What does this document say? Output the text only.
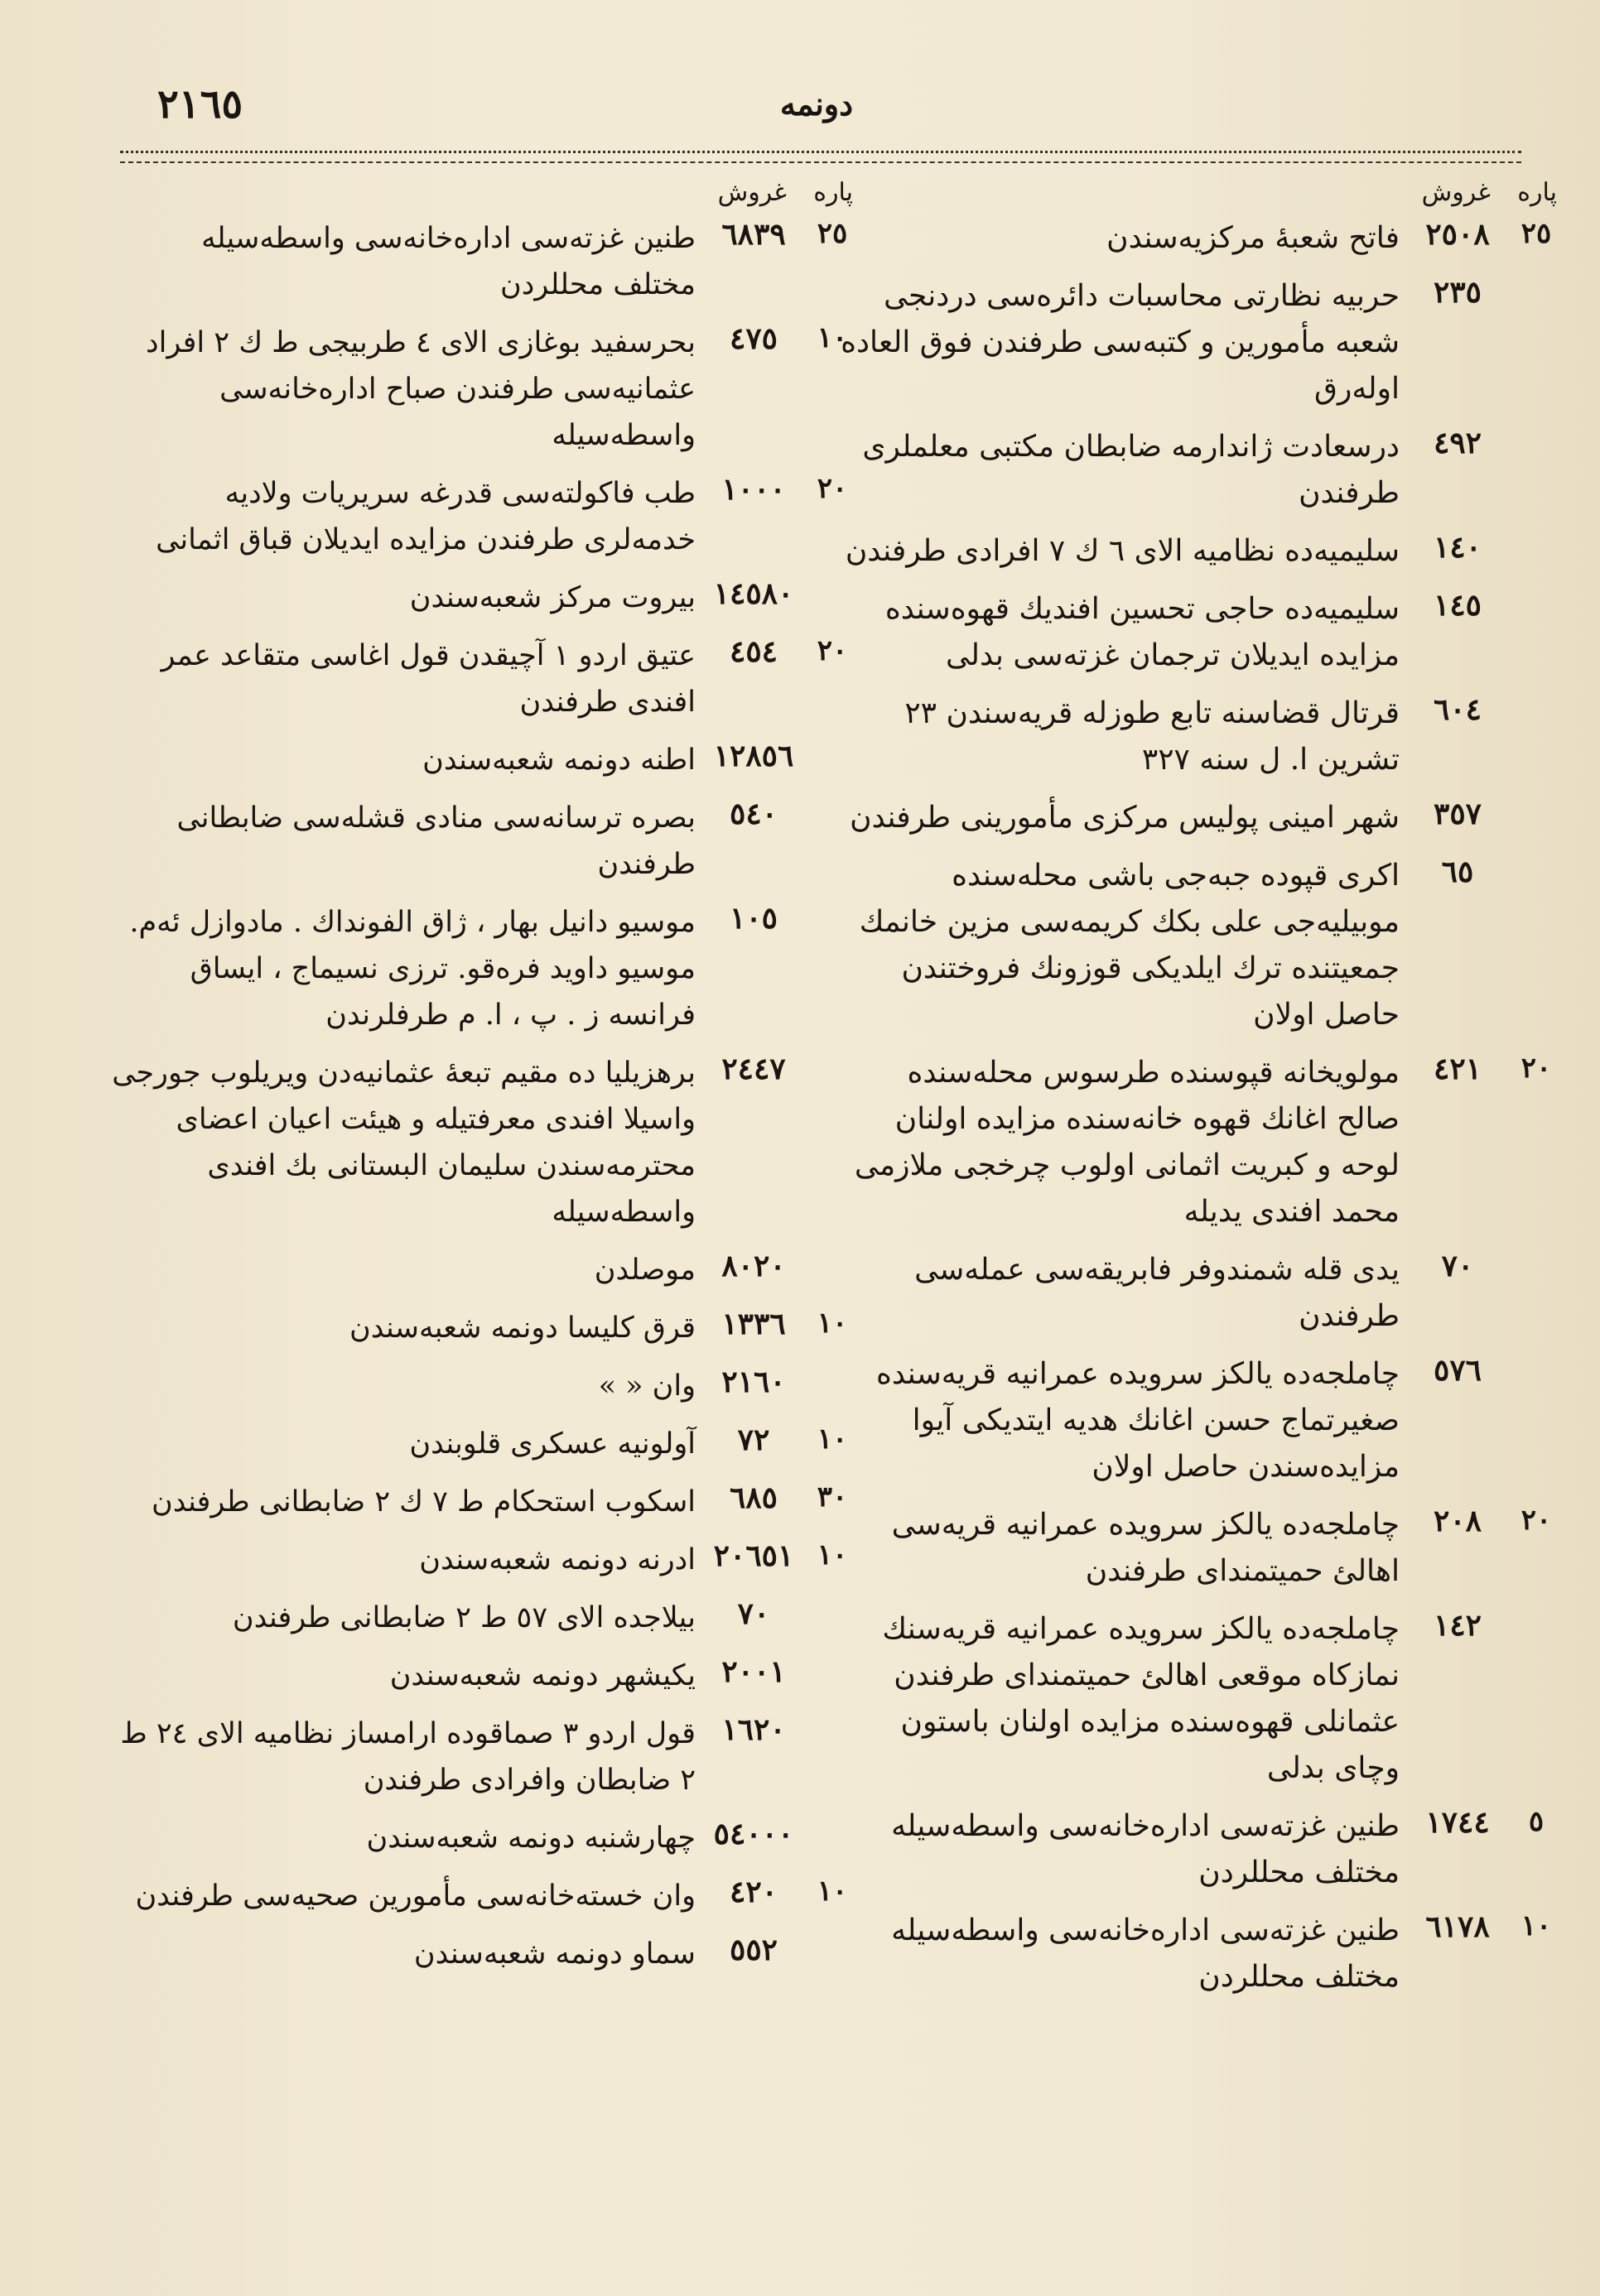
دونمه
٢١٦٥
پاره
غروش
٢٥
٢٥٠٨
فاتح شعبهٔ مركزيه‌سندن
٢٣٥
حربيه نظارتى محاسبات دائره‌سى دردنجى شعبه مأمورين و كتبه‌سى طرفندن فوق العاده اوله‌رق
٤٩٢
درسعادت ژاندارمه ضابطان مكتبى معلملرى طرفندن
١٤٠
سليميه‌ده نظاميه الاى ٦ ك ٧ افرادى طرفندن
١٤٥
سليميه‌ده حاجى تحسين افنديك قهوه‌سنده مزايده ايديلان ترجمان غزته‌سى بدلى
٦٠٤
قرتال قضاسنه تابع طوزله قريه‌سندن ٢٣ تشرين ا. ل سنه ٣٢٧
٣٥٧
شهر امينى پوليس مركزى مأمورينى طرفندن
٦٥
اكرى قپوده جبه‌جى باشى محله‌سنده موبيليه‌جى على بكك كريمه‌سى مزين خانمك جمعيتنده ترك ايلديكى قوزونك فروختندن حاصل اولان
٢٠
٤٢١
مولويخانه قپوسنده طرسوس محله‌سنده صالح اغانك قهوه خانه‌سنده مزايده اولنان لوحه و كبريت اثمانى اولوب چرخجى ملازمى محمد افندى يديله
٧٠
يدى قله شمندوفر فابريقه‌سى عمله‌سى طرفندن
٥٧٦
چاملجه‌ده يالكز سرويده عمرانيه قريه‌سنده صغيرتماج حسن اغانك هديه ايتديكى آيوا مزايده‌سندن حاصل اولان
٢٠
٢٠٨
چاملجه‌ده يالكز سرويده عمرانيه قريه‌سى اهالئ حميتمنداى طرفندن
١٤٢
چاملجه‌ده يالكز سرويده عمرانيه قريه‌سنك نمازكاه موقعى اهالئ حميتمنداى طرفندن عثمانلى قهوه‌سنده مزايده اولنان باستون وچاى بدلى
٥
١٧٤٤
طنين غزته‌سى اداره‌خانه‌سى واسطه‌سيله مختلف محللردن
١٠
٦١٧٨
طنين غزته‌سى اداره‌خانه‌سى واسطه‌سيله مختلف محللردن
پاره
غروش
٢٥
٦٨٣٩
طنين غزته‌سى اداره‌خانه‌سى واسطه‌سيله مختلف محللردن
١٠
٤٧٥
بحرسفيد بوغازى الاى ٤ طربيجى ط ك ٢ افراد عثمانيه‌سى طرفندن صباح اداره‌خانه‌سى واسطه‌سيله
٢٠
١٠٠٠
طب فاكولته‌سى قدرغه سريريات ولاديه خدمه‌لرى طرفندن مزايده ايديلان قباق اثمانى
١٤٥٨٠
بيروت مركز شعبه‌سندن
٢٠
٤٥٤
عتيق اردو ١ آچيقدن قول اغاسى متقاعد عمر افندى طرفندن
١٢٨٥٦
اطنه دونمه شعبه‌سندن
٥٤٠
بصره ترسانه‌سى منادى قشله‌سى ضابطانى طرفندن
١٠٥
موسيو دانيل بهار ، ژاق الفونداك . مادوازل ئه‌م. موسيو داويد فره‌قو. ترزى نسيماج ، ايساق فرانسه ز . پ ، ا. م طرفلرندن
٢٤٤٧
برهزيليا ده مقيم تبعهٔ عثمانيه‌دن ويريلوب جورجى واسيلا افندى معرفتيله و هيئت اعيان اعضاى محترمه‌سندن سليمان البستانى بك افندى واسطه‌سيله
٨٠٢٠
موصلدن
١٠
١٣٣٦
قرق كليسا دونمه شعبه‌سندن
٢١٦٠
وان « »
١٠
٧٢
آولونيه عسكرى قلوبندن
٣٠
٦٨٥
اسكوب استحكام ط ٧ ك ٢ ضابطانى طرفندن
١٠
٢٠٦٥١
ادرنه دونمه شعبه‌سندن
٧٠
بيلاجده الاى ٥٧ ط ٢ ضابطانى طرفندن
٢٠٠١
يكيشهر دونمه شعبه‌سندن
١٦٢٠
قول اردو ٣ صماقوده ارامساز نظاميه الاى ٢٤ ط ٢ ضابطان وافرادى طرفندن
٥٤٠٠٠
چهارشنبه دونمه شعبه‌سندن
١٠
٤٢٠
وان خسته‌خانه‌سى مأمورين صحيه‌سى طرفندن
٥٥٢
سماو دونمه شعبه‌سندن
